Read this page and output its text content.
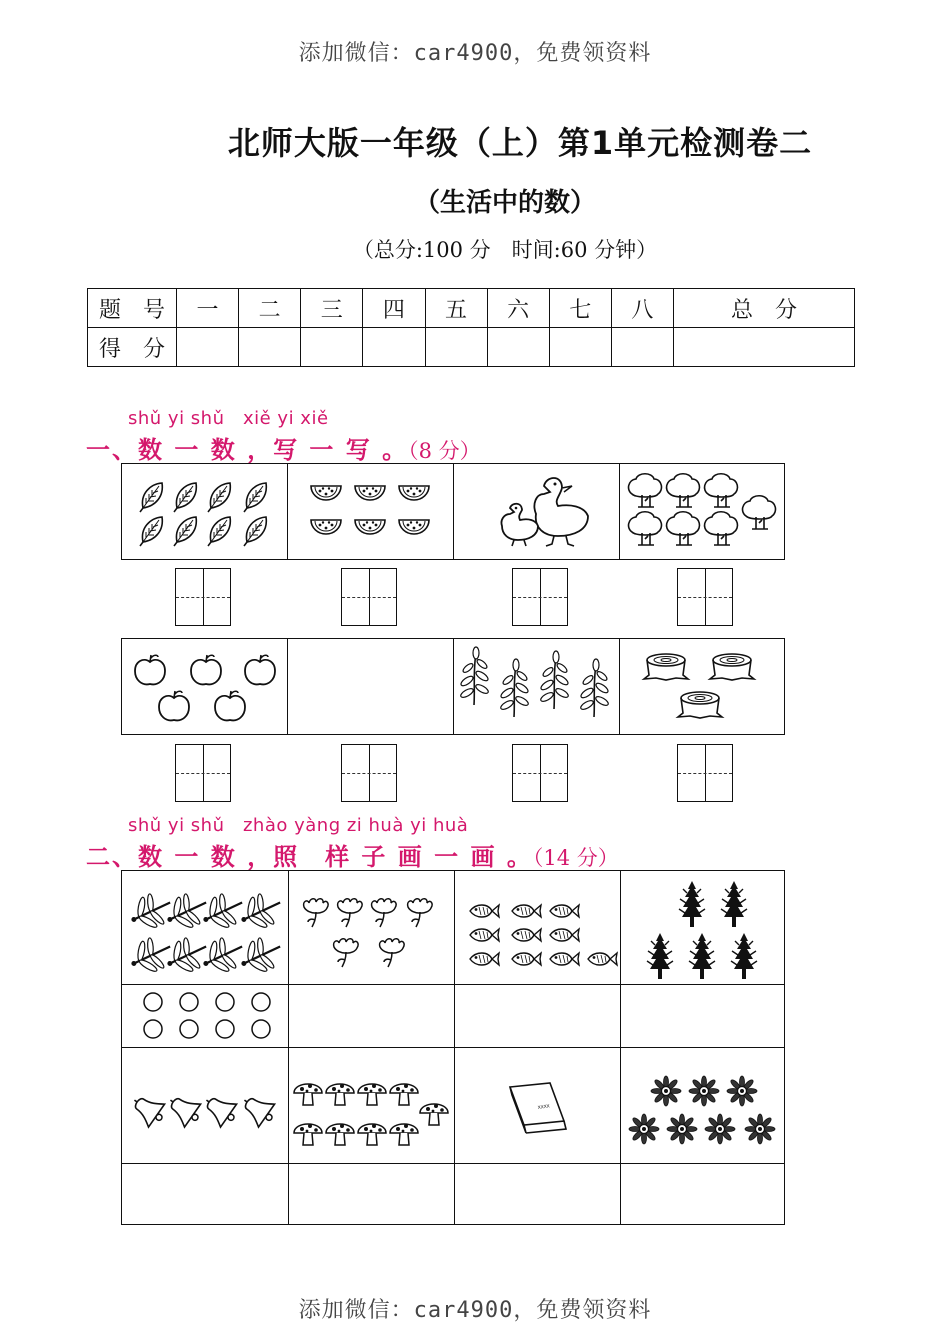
添加微信：car4900，免费领资料
添加微信：car4900，免费领资料
北师大版一年级（上）第1单元检测卷二
（生活中的数）
（总分:100 分　时间:60 分钟）
题　号	一	二	三	四	五	六	七	八	总　分
得　分									
shǔ yi shǔ　xiě yi xiě
一、数 一 数 ，写 一 写 。（8 分）
shǔ yi shǔ　zhào yàng zi huà yi huà
二、数 一 数 ，照　样 子 画 一 画 。（14 分）
xxxx
